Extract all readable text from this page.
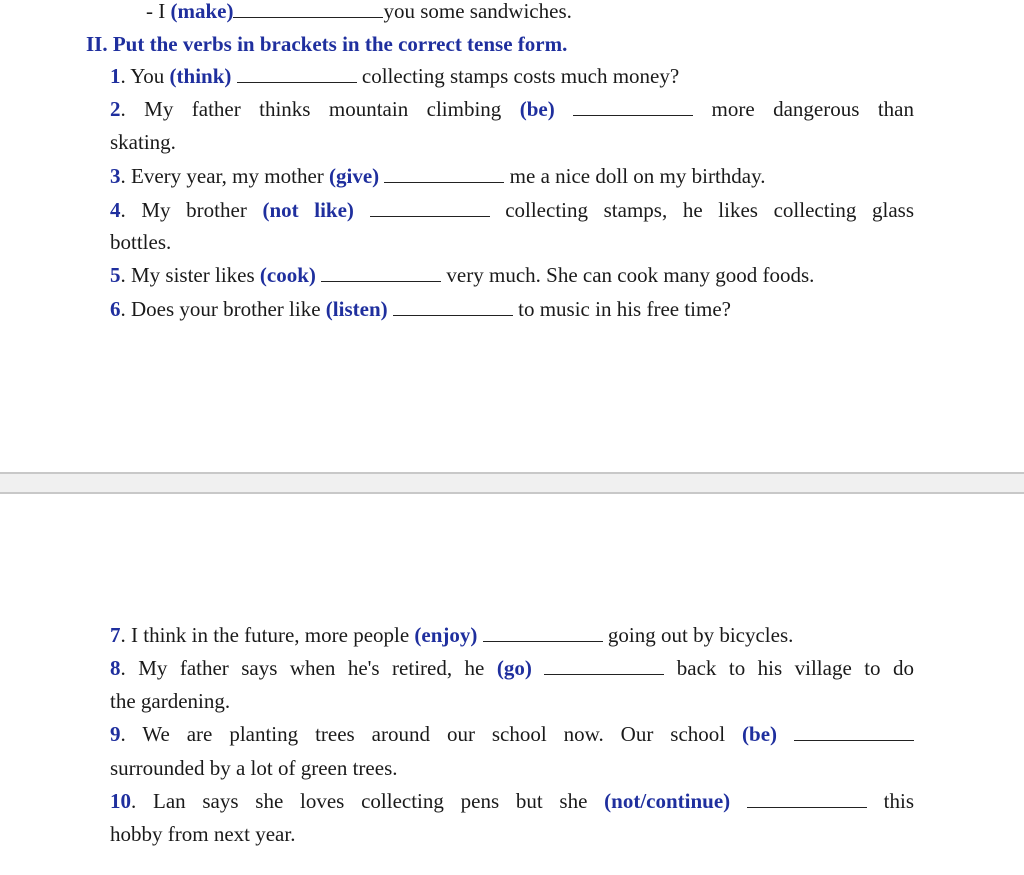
- I (make)	you some sandwiches.
II. Put the verbs in brackets in the correct tense form.
1. You (think)	collecting stamps costs much money?
2. My father thinks mountain climbing (be)	more dangerous than
skating.
3. Every year, my mother (give)	me a nice doll on my birthday.
4. My brother (not like)	collecting stamps, he likes collecting glass
bottles.
5. My sister likes (cook)	very much. She can cook many good foods.
6. Does your brother like (listen)	to music in his free time?
7. I think in the future, more people (enjoy)	going out by bicycles.
8. My father says when he's retired, he (go)	back to his village to do
the gardening.
9. We are planting trees around our school now. Our school (be)
surrounded by a lot of green trees.
10. Lan says she loves collecting pens but she (not/continue)	this
hobby from next year.
